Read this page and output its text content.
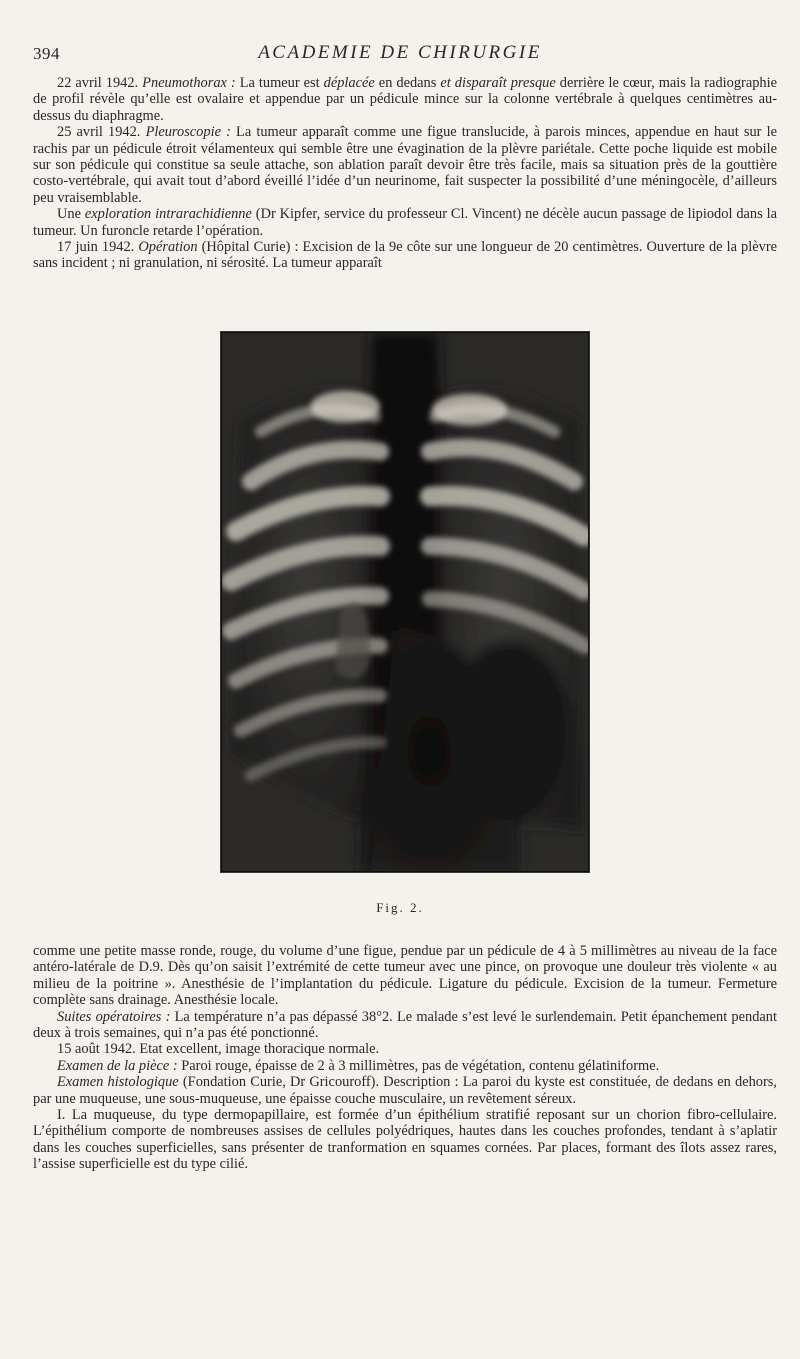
394	ACADEMIE DE CHIRURGIE

22 avril 1942. Pneumothorax : La tumeur est déplacée en dedans et disparaît presque derrière le cœur, mais la radiographie de profil révèle qu’elle est ovalaire et appendue par un pédicule mince sur la colonne vertébrale à quelques centimètres au-dessus du diaphragme.

25 avril 1942. Pleuroscopie : La tumeur apparaît comme une figue translucide, à parois minces, appendue en haut sur le rachis par un pédicule étroit vélamenteux qui semble être une évagination de la plèvre pariétale. Cette poche liquide est mobile sur son pédicule qui constitue sa seule attache, son ablation paraît devoir être très facile, mais sa situation près de la gouttière costo-vertébrale, qui avait tout d’abord éveillé l’idée d’un neurinome, fait suspecter la possibilité d’une méningocèle, d’ailleurs peu vraisemblable.

Une exploration intrarachidienne (Dr Kipfer, service du professeur Cl. Vincent) ne décèle aucun passage de lipiodol dans la tumeur. Un furoncle retarde l’opération.

17 juin 1942. Opération (Hôpital Curie) : Excision de la 9e côte sur une longueur de 20 centimètres. Ouverture de la plèvre sans incident ; ni granulation, ni sérosité. La tumeur apparaît

Fig. 2.

comme une petite masse ronde, rouge, du volume d’une figue, pendue par un pédicule de 4 à 5 millimètres au niveau de la face antéro-latérale de D.9. Dès qu’on saisit l’extrémité de cette tumeur avec une pince, on provoque une douleur très violente « au milieu de la poitrine ». Anesthésie de l’implantation du pédicule. Ligature du pédicule. Excision de la tumeur. Fermeture complète sans drainage. Anesthésie locale.

Suites opératoires : La température n’a pas dépassé 38°2. Le malade s’est levé le surlendemain. Petit épanchement pendant deux à trois semaines, qui n’a pas été ponctionné.

15 août 1942. Etat excellent, image thoracique normale.

Examen de la pièce : Paroi rouge, épaisse de 2 à 3 millimètres, pas de végétation, contenu gélatiniforme.

Examen histologique (Fondation Curie, Dr Gricouroff). Description : La paroi du kyste est constituée, de dedans en dehors, par une muqueuse, une sous-muqueuse, une épaisse couche musculaire, un revêtement séreux.

I. La muqueuse, du type dermopapillaire, est formée d’un épithélium stratifié reposant sur un chorion fibro-cellulaire. L’épithélium comporte de nombreuses assises de cellules polyédriques, hautes dans les couches profondes, tendant à s’aplatir dans les couches superficielles, sans présenter de tranformation en squames cornées. Par places, formant des îlots assez rares, l’assise superficielle est du type cilié.
